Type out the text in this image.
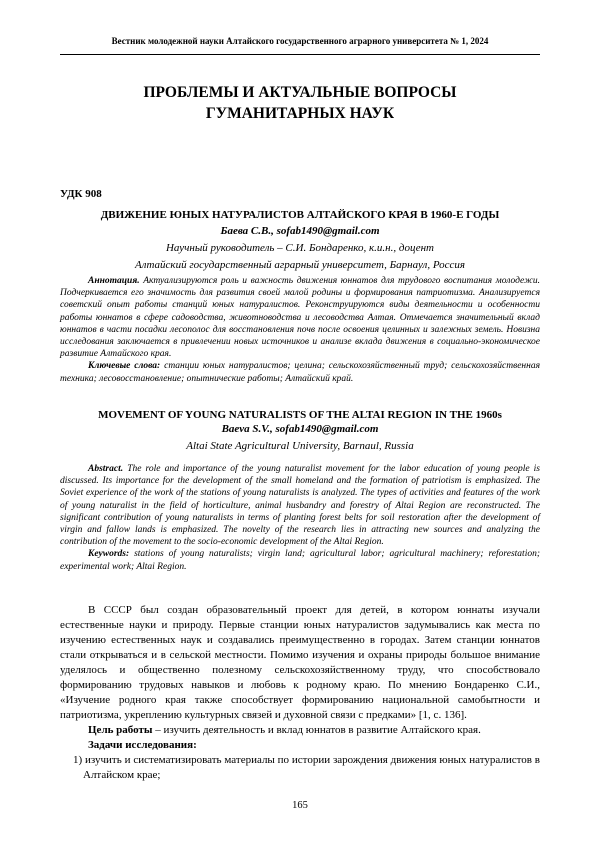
Вестник молодежной науки Алтайского государственного аграрного университета № 1, 2024
ПРОБЛЕМЫ И АКТУАЛЬНЫЕ ВОПРОСЫ
ГУМАНИТАРНЫХ НАУК
УДК 908
ДВИЖЕНИЕ ЮНЫХ НАТУРАЛИСТОВ АЛТАЙСКОГО КРАЯ В 1960-Е ГОДЫ
Баева С.В., sofab1490@gmail.com
Научный руководитель – С.И. Бондаренко, к.и.н., доцент
Алтайский государственный аграрный университет, Барнаул, Россия

Аннотация. Актуализируются роль и важность движения юннатов для трудового воспитания молодежи. Подчеркивается его значимость для развития своей малой родины и формирования патриотизма. Анализируется советский опыт работы станций юных натуралистов. Реконструируются виды деятельности и особенности работы юннатов в сфере садоводства, животноводства и лесоводства Алтая. Отмечается значительный вклад юннатов в части посадки лесополос для восстановления почв после освоения целинных и залежных земель. Новизна исследования заключается в привлечении новых источников и анализе вклада движения в социально-экономическое развитие Алтайского края.

Ключевые слова: станции юных натуралистов; целина; сельскохозяйственный труд; сельскохозяйственная техника; лесовосстановление; опытнические работы; Алтайский край.

MOVEMENT OF YOUNG NATURALISTS OF THE ALTAI REGION IN THE 1960s
Baeva S.V., sofab1490@gmail.com
Altai State Agricultural University, Barnaul, Russia

Abstract. The role and importance of the young naturalist movement for the labor education of young people is discussed. Its importance for the development of the small homeland and the formation of patriotism is emphasized. The Soviet experience of the work of the stations of young naturalists is analyzed. The types of activities and features of the work of young naturalist in the field of horticulture, animal husbandry and forestry of Altai Region are reconstructed. The significant contribution of young naturalists in terms of planting forest belts for soil restoration after the development of virgin and fallow lands is emphasized. The novelty of the research lies in attracting new sources and analyzing the contribution of the movement to the socio-economic development of the Altai Region.

Keywords: stations of young naturalists; virgin land; agricultural labor; agricultural machinery; reforestation; experimental work; Altai Region.

В СССР был создан образовательный проект для детей, в котором юннаты изучали естественные науки и природу. Первые станции юных натуралистов задумывались как места по изучению естественных наук и создавались преимущественно в городах. Затем станции юннатов стали открываться и в сельской местности. Помимо изучения и охраны природы большое внимание уделялось и общественно полезному сельскохозяйственному труду, что способствовало формированию трудовых навыков и любовь к родному краю. По мнению Бондаренко С.И., «Изучение родного края также способствует формированию национальной самобытности и патриотизма, укреплению культурных связей и духовной связи с предками» [1, с. 136].

Цель работы – изучить деятельность и вклад юннатов в развитие Алтайского края.

Задачи исследования:

1) изучить и систематизировать материалы по истории зарождения движения юных натуралистов в Алтайском крае;

165
